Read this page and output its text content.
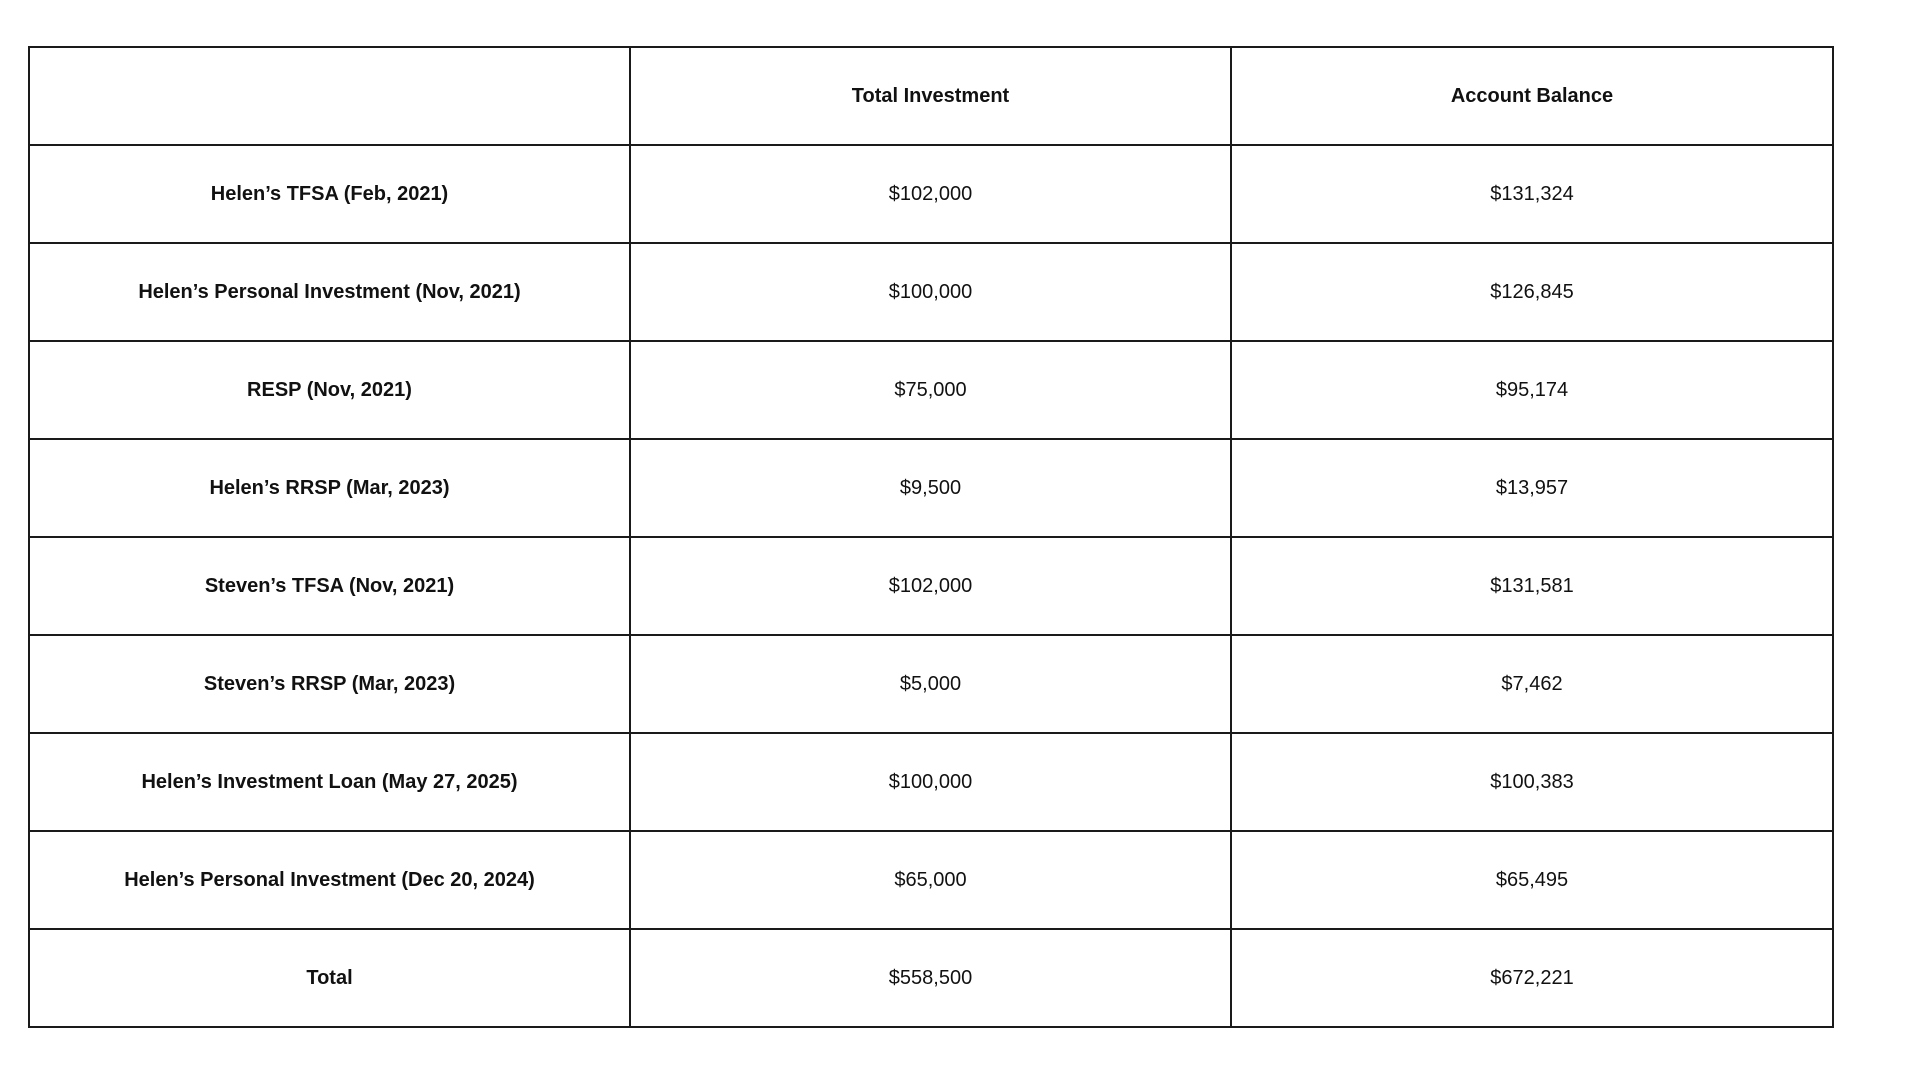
	Total Investment	Account Balance
Helen’s TFSA (Feb, 2021)	$102,000	$131,324
Helen’s Personal Investment (Nov, 2021)	$100,000	$126,845
RESP (Nov, 2021)	$75,000	$95,174
Helen’s RRSP (Mar, 2023)	$9,500	$13,957
Steven’s TFSA (Nov, 2021)	$102,000	$131,581
Steven’s RRSP (Mar, 2023)	$5,000	$7,462
Helen’s Investment Loan (May 27, 2025)	$100,000	$100,383
Helen’s Personal Investment (Dec 20, 2024)	$65,000	$65,495
Total	$558,500	$672,221
